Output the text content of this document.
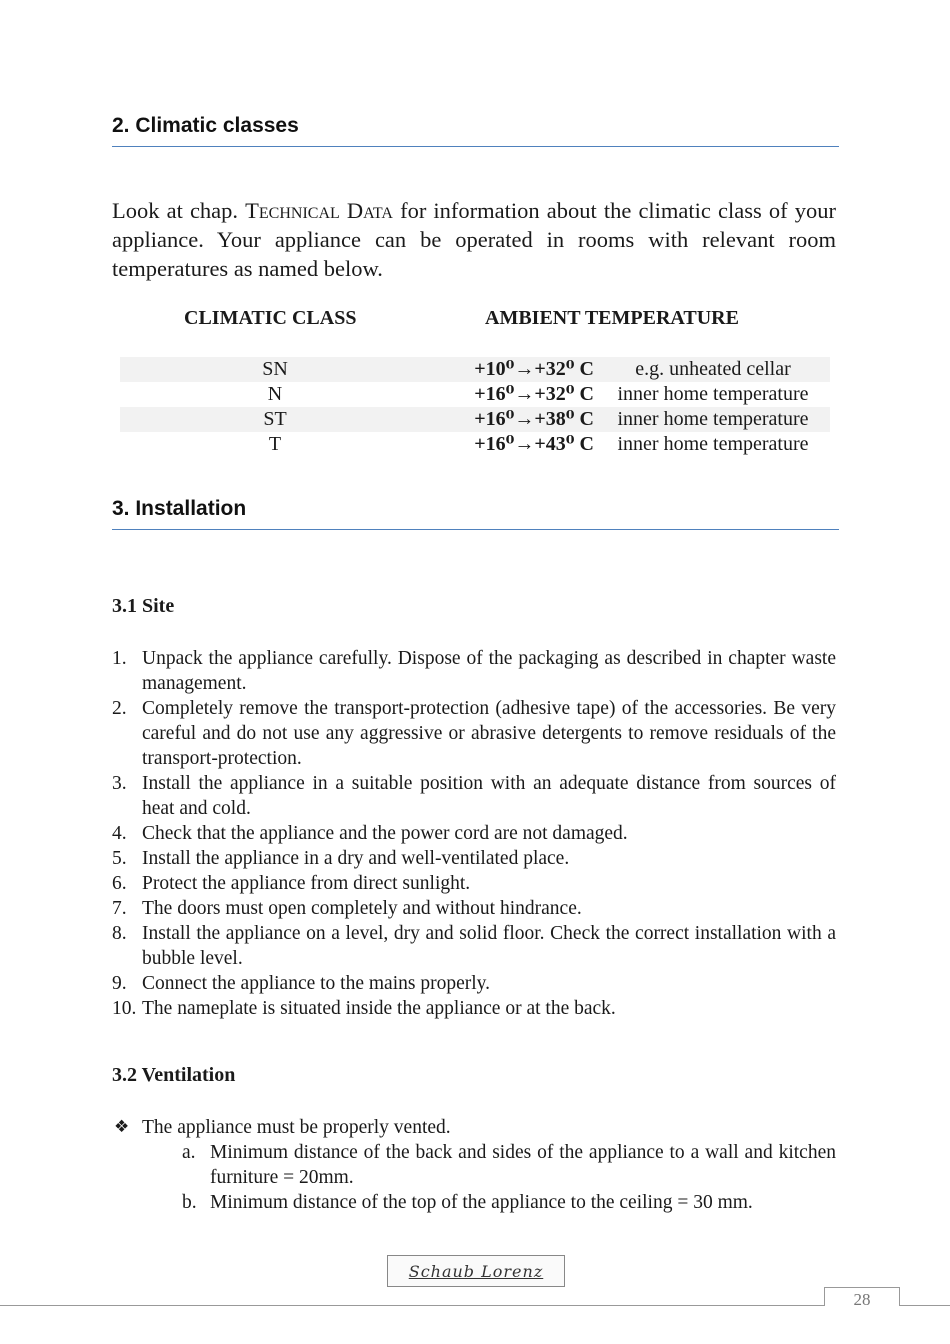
2. Climatic classes
Look at chap. Technical Data for information about the climatic class of your appliance. Your appliance can be operated in rooms with relevant room temperatures as named below.
CLIMATIC CLASS	AMBIENT TEMPERATURE
SN	+10⁰→+32⁰ C	e.g. unheated cellar
N	+16⁰→+32⁰ C	inner home temperature
ST	+16⁰→+38⁰ C	inner home temperature
T	+16⁰→+43⁰ C	inner home temperature
3. Installation
3.1 Site
1. Unpack the appliance carefully. Dispose of the packaging as described in chapter waste management.
2. Completely remove the transport-protection (adhesive tape) of the accessories. Be very careful and do not use any aggressive or abrasive detergents to remove residuals of the transport-protection.
3. Install the appliance in a suitable position with an adequate distance from sources of heat and cold.
4. Check that the appliance and the power cord are not damaged.
5. Install the appliance in a dry and well-ventilated place.
6. Protect the appliance from direct sunlight.
7. The doors must open completely and without hindrance.
8. Install the appliance on a level, dry and solid floor. Check the correct installation with a bubble level.
9. Connect the appliance to the mains properly.
10. The nameplate is situated inside the appliance or at the back.
3.2 Ventilation
❖ The appliance must be properly vented.
a. Minimum distance of the back and sides of the appliance to a wall and kitchen furniture = 20mm.
b. Minimum distance of the top of the appliance to the ceiling = 30 mm.
Schaub Lorenz
28
